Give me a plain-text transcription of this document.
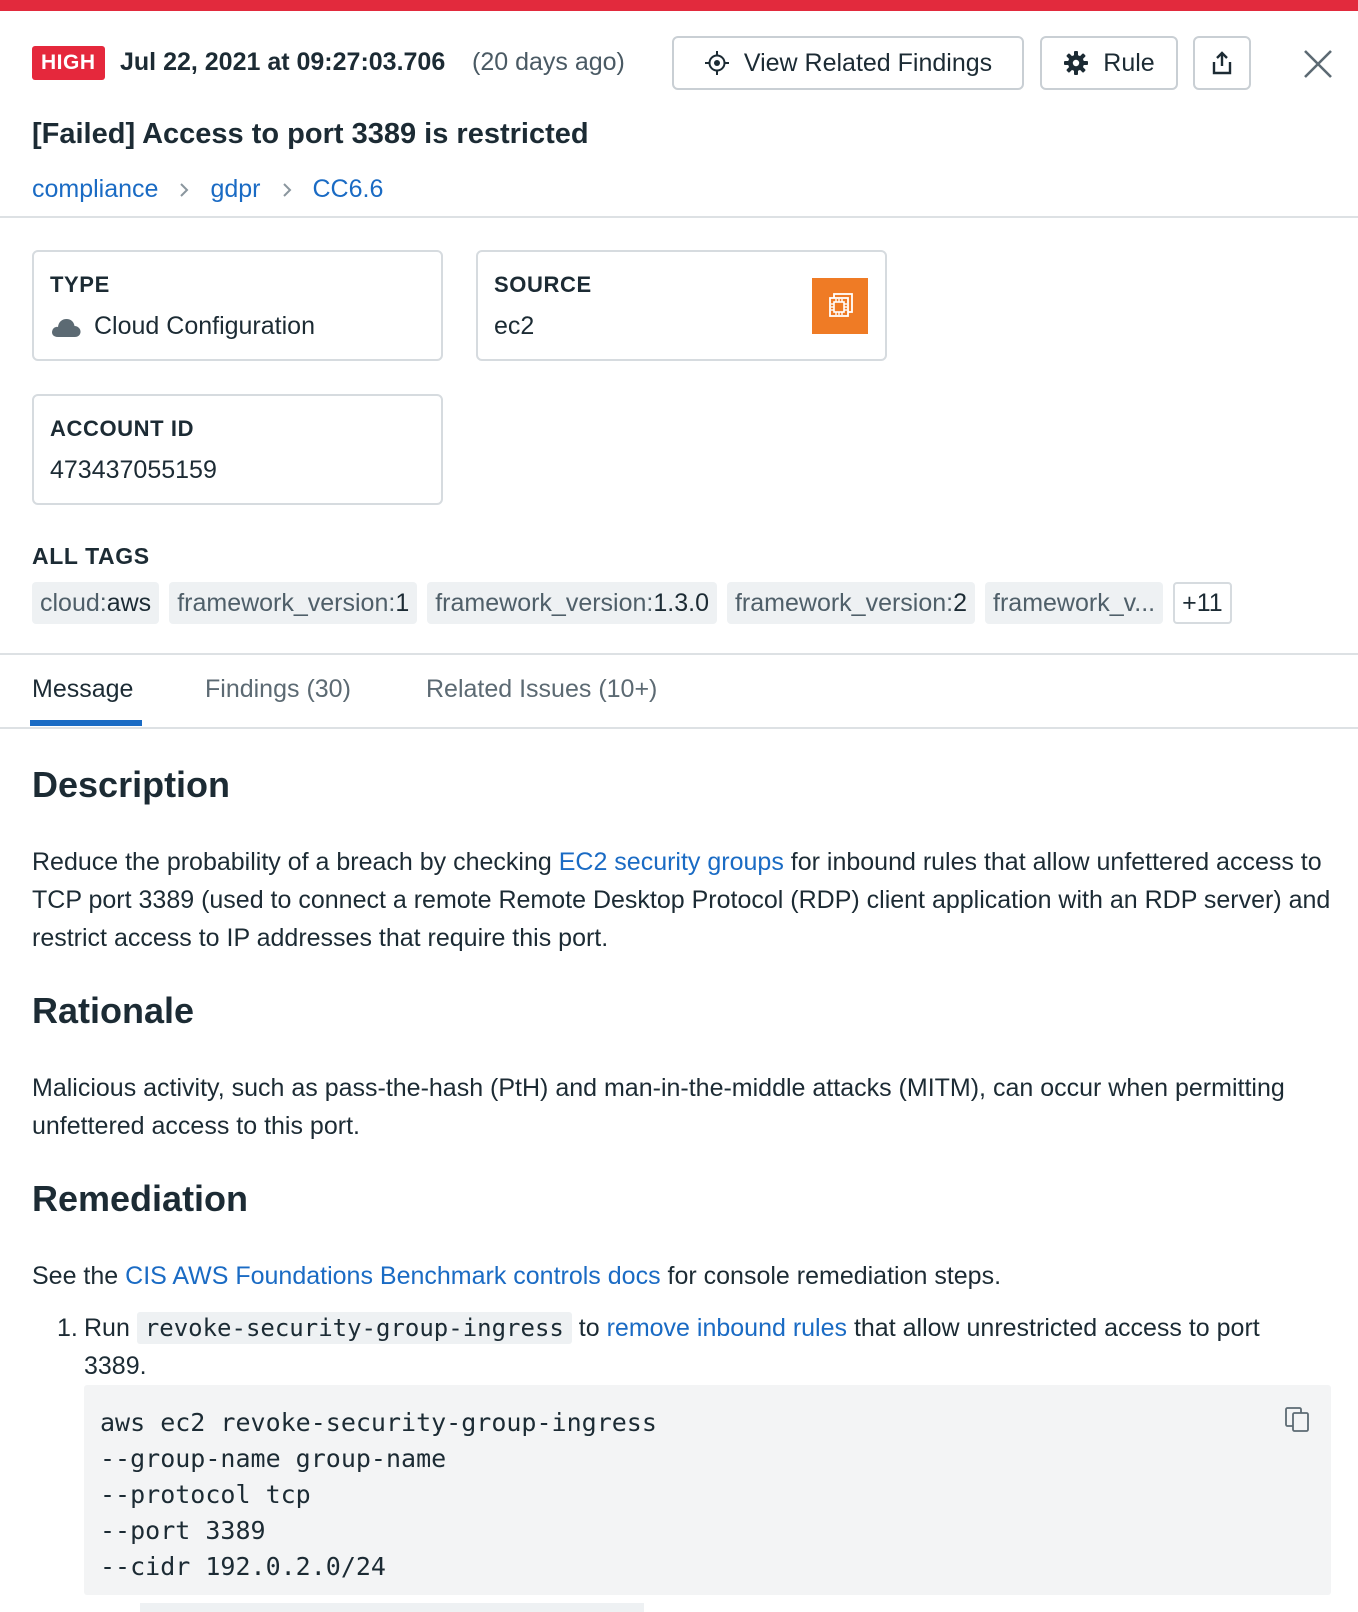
HIGH Jul 22, 2021 at 09:27:03.706 (20 days ago)	View Related Findings	Rule
[Failed] Access to port 3389 is restricted
compliance gdpr CC6.6
TYPE
Cloud Configuration
SOURCE
ec2
ACCOUNT ID
473437055159
ALL TAGS
cloud:aws	framework_version:1	framework_version:1.3.0	framework_version:2	framework_v...	+11
Message	Findings (30)	Related Issues (10+)
Description
Reduce the probability of a breach by checking EC2 security groups for inbound rules that allow unfettered access to TCP port 3389 (used to connect a remote Remote Desktop Protocol (RDP) client application with an RDP server) and restrict access to IP addresses that require this port.
Rationale
Malicious activity, such as pass-the-hash (PtH) and man-in-the-middle attacks (MITM), can occur when permitting unfettered access to this port.
Remediation
See the CIS AWS Foundations Benchmark controls docs for console remediation steps.
1. Run revoke-security-group-ingress to remove inbound rules that allow unrestricted access to port 3389.
aws ec2 revoke-security-group-ingress
--group-name group-name
--protocol tcp
--port 3389
--cidr 192.0.2.0/24
